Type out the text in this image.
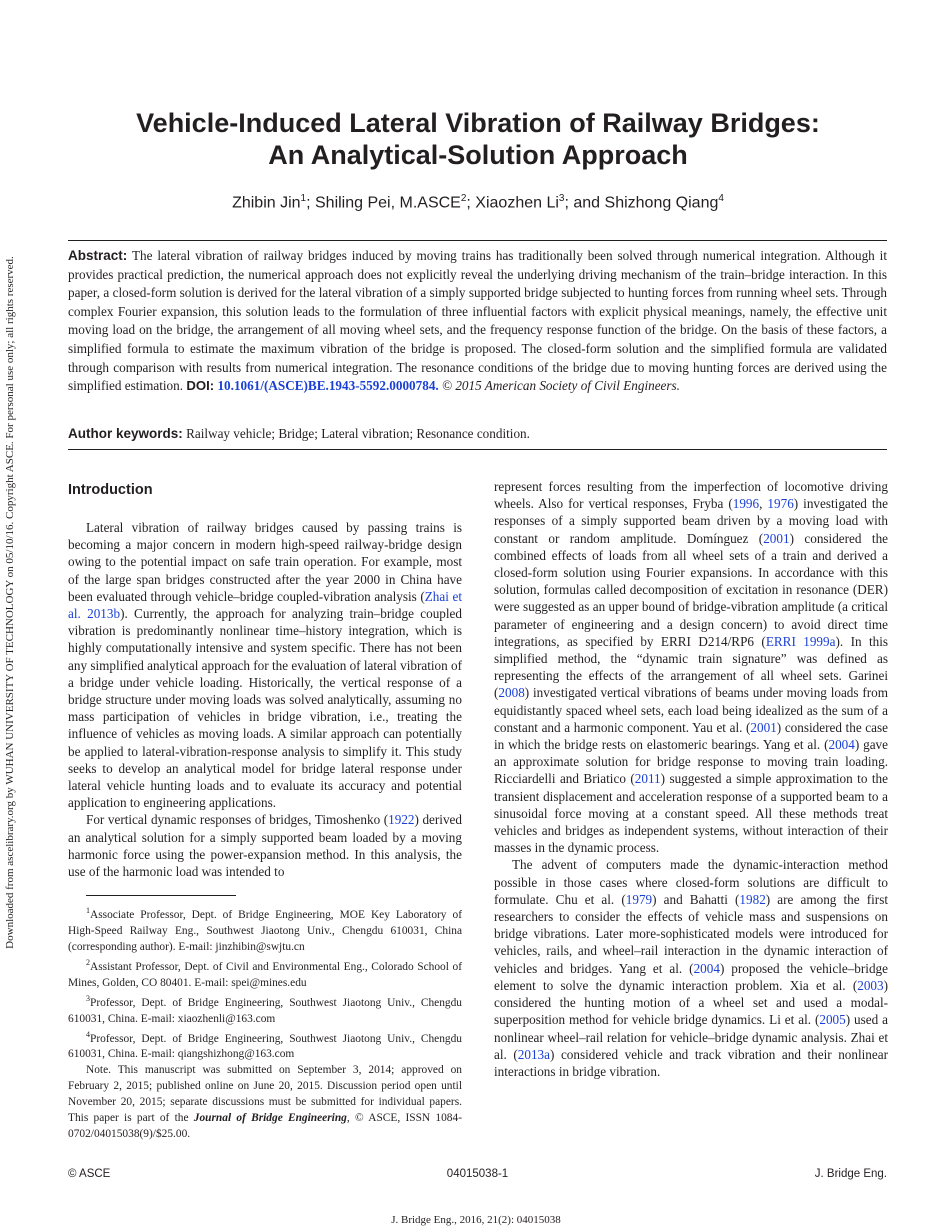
Downloaded from ascelibrary.org by WUHAN UNIVERSITY OF TECHNOLOGY on 05/10/16. Copyright ASCE. For personal use only; all rights reserved.
Vehicle-Induced Lateral Vibration of Railway Bridges:
An Analytical-Solution Approach

Zhibin Jin$^1$; Shiling Pei, M.ASCE$^2$; Xiaozhen Li$^3$; and Shizhong Qiang$^4$

Abstract: The lateral vibration of railway bridges induced by moving trains has traditionally been solved through numerical integration. Although it provides practical prediction, the numerical approach does not explicitly reveal the underlying driving mechanism of the train–bridge interaction. In this paper, a closed-form solution is derived for the lateral vibration of a simply supported bridge subjected to hunting forces from running wheel sets. Through complex Fourier expansion, this solution leads to the formulation of three influential factors with explicit physical meanings, namely, the effective unit moving load on the bridge, the arrangement of all moving wheel sets, and the frequency response function of the bridge. On the basis of these factors, a simplified formula to estimate the maximum vibration of the bridge is proposed. The closed-form solution and the simplified formula are validated through comparison with results from numerical integration. The resonance conditions of the bridge due to moving hunting forces are derived using the simplified estimation. DOI: 10.1061/(ASCE)BE.1943-5592.0000784. © 2015 American Society of Civil Engineers.

Author keywords: Railway vehicle; Bridge; Lateral vibration; Resonance condition.

Introduction

Lateral vibration of railway bridges caused by passing trains is becoming a major concern in modern high-speed railway-bridge design owing to the potential impact on safe train operation. For example, most of the large span bridges constructed after the year 2000 in China have been evaluated through vehicle–bridge coupled-vibration analysis (Zhai et al. 2013b). Currently, the approach for analyzing train–bridge coupled vibration is predominantly nonlinear time–history integration, which is highly computationally intensive and system specific. There has not been any simplified analytical approach for the evaluation of lateral vibration of a bridge under vehicle loading. Historically, the vertical response of a bridge structure under moving loads was solved analytically, assuming no mass participation of vehicles in bridge vibration, i.e., treating the influence of vehicles as moving loads. A similar approach can potentially be applied to lateral-vibration-response analysis to simplify it. This study seeks to develop an analytical model for bridge lateral response under lateral vehicle hunting loads and to evaluate its accuracy and potential application to engineering applications.

For vertical dynamic responses of bridges, Timoshenko (1922) derived an analytical solution for a simply supported beam loaded by a moving harmonic force using the power-expansion method. In this analysis, the use of the harmonic load was intended to

$^1$Associate Professor, Dept. of Bridge Engineering, MOE Key Laboratory of High-Speed Railway Eng., Southwest Jiaotong Univ., Chengdu 610031, China (corresponding author). E-mail: jinzhibin@swjtu.cn

$^2$Assistant Professor, Dept. of Civil and Environmental Eng., Colorado School of Mines, Golden, CO 80401. E-mail: spei@mines.edu

$^3$Professor, Dept. of Bridge Engineering, Southwest Jiaotong Univ., Chengdu 610031, China. E-mail: xiaozhenli@163.com

$^4$Professor, Dept. of Bridge Engineering, Southwest Jiaotong Univ., Chengdu 610031, China. E-mail: qiangshizhong@163.com

Note. This manuscript was submitted on September 3, 2014; approved on February 2, 2015; published online on June 20, 2015. Discussion period open until November 20, 2015; separate discussions must be submitted for individual papers. This paper is part of the Journal of Bridge Engineering, © ASCE, ISSN 1084-0702/04015038(9)/$25.00.

represent forces resulting from the imperfection of locomotive driving wheels. Also for vertical responses, Fryba (1996, 1976) investigated the responses of a simply supported beam driven by a moving load with constant or random amplitude. Domínguez (2001) considered the combined effects of loads from all wheel sets of a train and derived a closed-form solution using Fourier expansions. In accordance with this solution, formulas called decomposition of excitation in resonance (DER) were suggested as an upper bound of bridge-vibration amplitude (a critical parameter of engineering and a design concern) to avoid direct time integrations, as specified by ERRI D214/RP6 (ERRI 1999a). In this simplified method, the “dynamic train signature” was defined as representing the effects of the arrangement of all wheel sets. Garinei (2008) investigated vertical vibrations of beams under moving loads from equidistantly spaced wheel sets, each load being idealized as the sum of a constant and a harmonic component. Yau et al. (2001) considered the case in which the bridge rests on elastomeric bearings. Yang et al. (2004) gave an approximate solution for bridge response to moving train loading. Ricciardelli and Briatico (2011) suggested a simple approximation to the transient displacement and acceleration response of a supported beam to a sinusoidal force moving at a constant speed. All these methods treat vehicles and bridges as independent systems, without interaction of their masses in the dynamic process.

The advent of computers made the dynamic-interaction method possible in those cases where closed-form solutions are difficult to formulate. Chu et al. (1979) and Bahatti (1982) are among the first researchers to consider the effects of vehicle mass and suspensions on bridge vibrations. Later more-sophisticated models were introduced for vehicles, rails, and wheel–rail interaction in the dynamic interaction of vehicles and bridges. Yang et al. (2004) proposed the vehicle–bridge element to solve the dynamic interaction problem. Xia et al. (2003) considered the hunting motion of a wheel set and used a modal-superposition method for vehicle bridge dynamics. Li et al. (2005) used a nonlinear wheel–rail relation for vehicle–bridge dynamic analysis. Zhai et al. (2013a) considered vehicle and track vibration and their nonlinear interactions in bridge vibration.

© ASCE	04015038-1	J. Bridge Eng.
J. Bridge Eng., 2016, 21(2): 04015038
